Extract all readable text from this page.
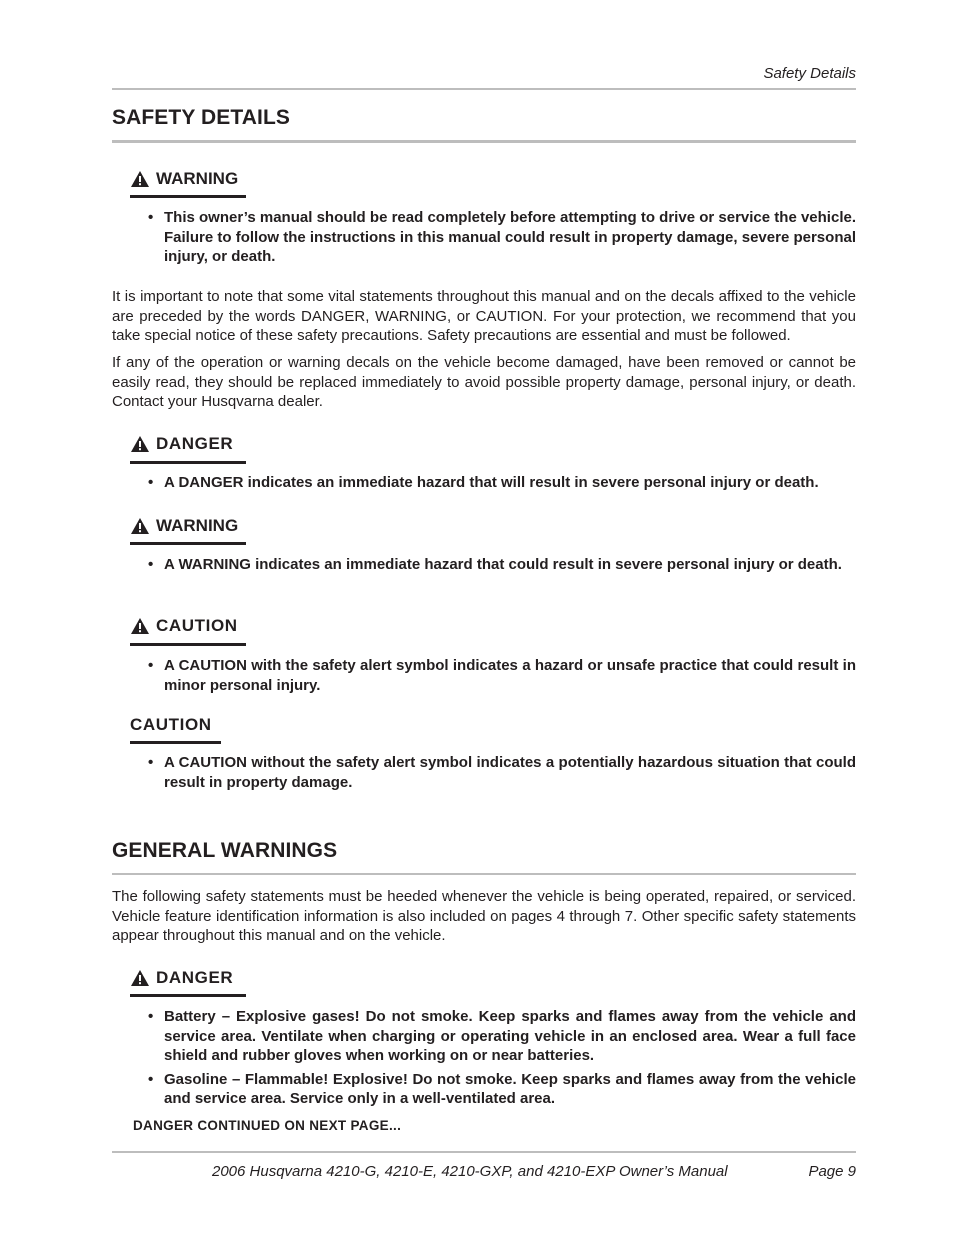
Safety Details
SAFETY DETAILS
WARNING
• This owner’s manual should be read completely before attempting to drive or service the vehicle. Failure to follow the instructions in this manual could result in property damage, severe personal injury, or death.

It is important to note that some vital statements throughout this manual and on the decals affixed to the vehicle are preceded by the words DANGER, WARNING, or CAUTION. For your protection, we recommend that you take special notice of these safety precautions. Safety precautions are essential and must be followed.

If any of the operation or warning decals on the vehicle become damaged, have been removed or cannot be easily read, they should be replaced immediately to avoid possible property damage, personal injury, or death. Contact your Husqvarna dealer.

DANGER
• A DANGER indicates an immediate hazard that will result in severe personal injury or death.
WARNING
• A WARNING indicates an immediate hazard that could result in severe personal injury or death.
CAUTION
• A CAUTION with the safety alert symbol indicates a hazard or unsafe practice that could result in minor personal injury.
CAUTION
• A CAUTION without the safety alert symbol indicates a potentially hazardous situation that could result in property damage.
GENERAL WARNINGS

The following safety statements must be heeded whenever the vehicle is being operated, repaired, or serviced. Vehicle feature identification information is also included on pages 4 through 7. Other specific safety statements appear throughout this manual and on the vehicle.

DANGER
• Battery – Explosive gases! Do not smoke. Keep sparks and flames away from the vehicle and service area. Ventilate when charging or operating vehicle in an enclosed area. Wear a full face shield and rubber gloves when working on or near batteries.
• Gasoline – Flammable! Explosive! Do not smoke. Keep sparks and flames away from the vehicle and service area. Service only in a well-ventilated area.
DANGER CONTINUED ON NEXT PAGE...
2006 Husqvarna 4210-G, 4210-E, 4210-GXP, and 4210-EXP Owner’s Manual	Page 9
